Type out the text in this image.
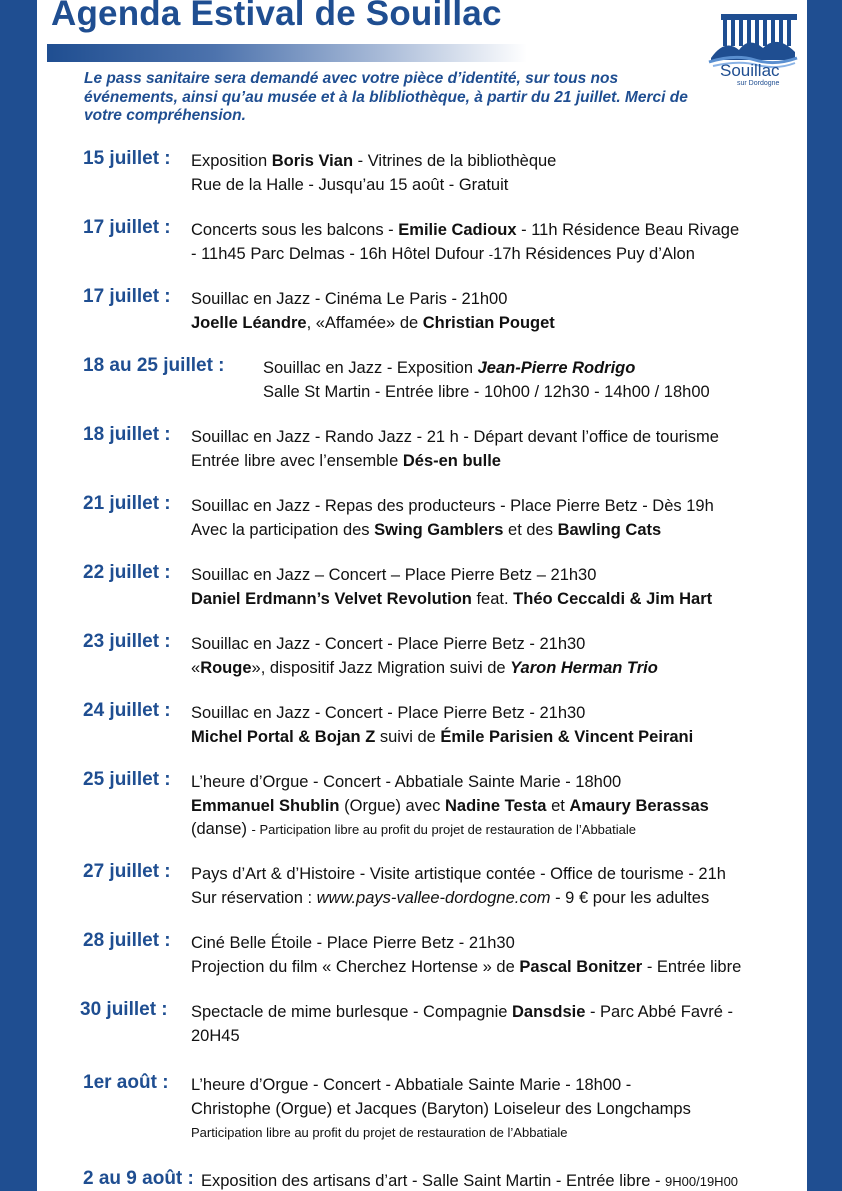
Agenda Estival de Souillac
Souillac
sur Dordogne
Le pass sanitaire sera demandé avec votre pièce d’identité, sur tous nos événements, ainsi qu’au musée et à la blibliothèque, à partir du 21 juillet. Merci de votre compréhension.
15 juillet : Exposition Boris Vian - Vitrines de la bibliothèque
Rue de la Halle - Jusqu’au 15 août - Gratuit
17 juillet : Concerts sous les balcons - Emilie Cadioux - 11h Résidence Beau Rivage
- 11h45 Parc Delmas - 16h Hôtel Dufour -17h Résidences Puy d’Alon
17 juillet : Souillac en Jazz - Cinéma Le Paris - 21h00
Joelle Léandre, «Affamée» de Christian Pouget
18 au 25 juillet : Souillac en Jazz - Exposition Jean-Pierre Rodrigo
Salle St Martin - Entrée libre - 10h00 / 12h30 - 14h00 / 18h00
18 juillet : Souillac en Jazz - Rando Jazz - 21 h - Départ devant l’office de tourisme
Entrée libre avec l’ensemble Dés-en bulle
21 juillet : Souillac en Jazz - Repas des producteurs - Place Pierre Betz - Dès 19h
Avec la participation des Swing Gamblers et des Bawling Cats
22 juillet : Souillac en Jazz – Concert – Place Pierre Betz – 21h30
Daniel Erdmann’s Velvet Revolution feat. Théo Ceccaldi & Jim Hart
23 juillet : Souillac en Jazz - Concert - Place Pierre Betz - 21h30
«Rouge», dispositif Jazz Migration suivi de Yaron Herman Trio
24 juillet : Souillac en Jazz - Concert - Place Pierre Betz - 21h30
Michel Portal & Bojan Z suivi de Émile Parisien & Vincent Peirani
25 juillet : L’heure d’Orgue - Concert - Abbatiale Sainte Marie - 18h00
Emmanuel Shublin (Orgue) avec Nadine Testa et Amaury Berassas
(danse) - Participation libre au profit du projet de restauration de l’Abbatiale
27 juillet : Pays d’Art & d’Histoire - Visite artistique contée - Office de tourisme - 21h
Sur réservation : www.pays-vallee-dordogne.com - 9 € pour les adultes
28 juillet : Ciné Belle Étoile - Place Pierre Betz - 21h30
Projection du film « Cherchez Hortense » de Pascal Bonitzer - Entrée libre
30 juillet : Spectacle de mime burlesque - Compagnie Dansdsie - Parc Abbé Favré -
20H45
1er août : L’heure d’Orgue - Concert - Abbatiale Sainte Marie - 18h00 -
Christophe (Orgue) et Jacques (Baryton) Loiseleur des Longchamps
Participation libre au profit du projet de restauration de l’Abbatiale
2 au 9 août : Exposition des artisans d’art - Salle Saint Martin - Entrée libre - 9H00/19H00
